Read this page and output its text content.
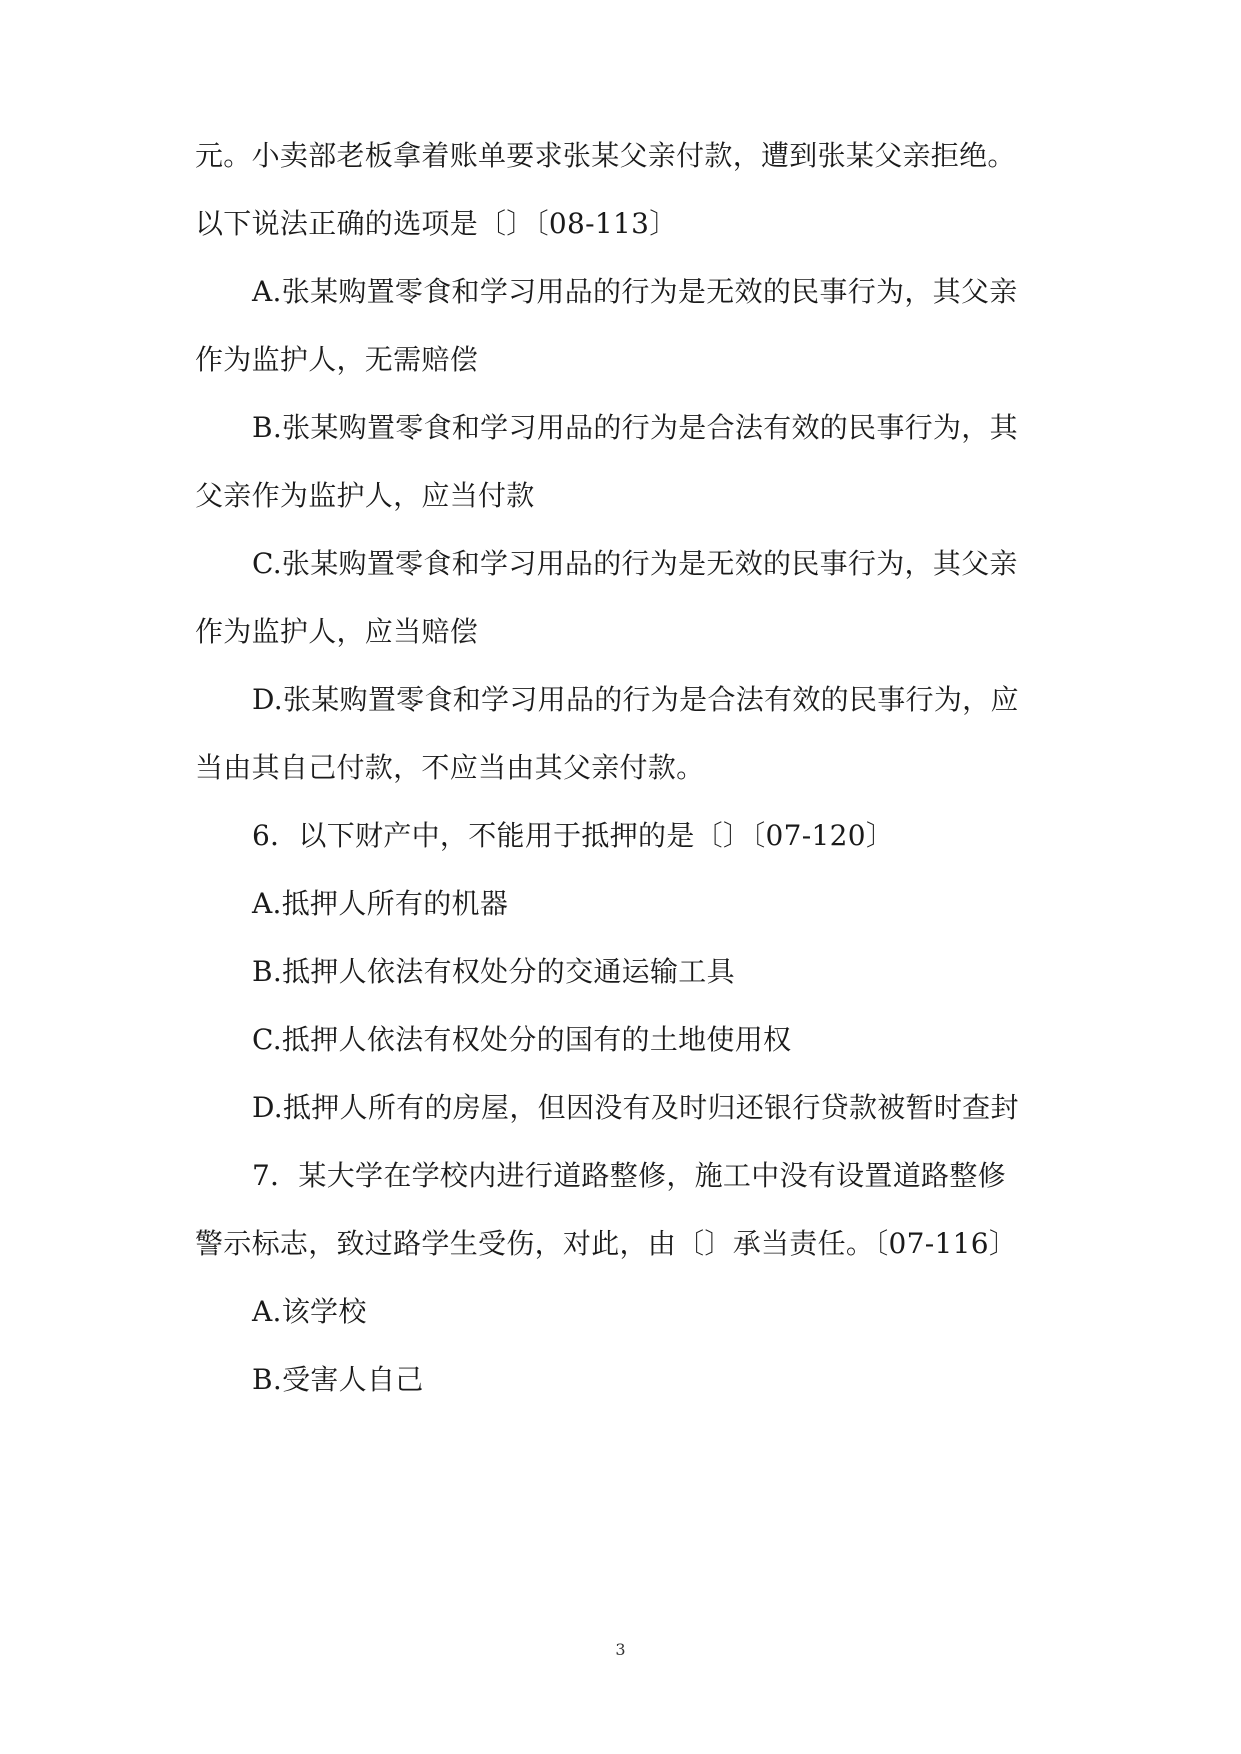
元。小卖部老板拿着账单要求张某父亲付款，遭到张某父亲拒绝。
以下说法正确的选项是〔〕〔08-113〕
A.张某购置零食和学习用品的行为是无效的民事行为，其父亲
作为监护人，无需赔偿
B.张某购置零食和学习用品的行为是合法有效的民事行为，其
父亲作为监护人，应当付款
C.张某购置零食和学习用品的行为是无效的民事行为，其父亲
作为监护人，应当赔偿
D.张某购置零食和学习用品的行为是合法有效的民事行为，应
当由其自己付款，不应当由其父亲付款。
6．以下财产中，不能用于抵押的是〔〕〔07-120〕
A.抵押人所有的机器
B.抵押人依法有权处分的交通运输工具
C.抵押人依法有权处分的国有的土地使用权
D.抵押人所有的房屋，但因没有及时归还银行贷款被暂时查封
7．某大学在学校内进行道路整修，施工中没有设置道路整修
警示标志，致过路学生受伤，对此，由〔〕承当责任。〔07-116〕
A.该学校
B.受害人自己
3
